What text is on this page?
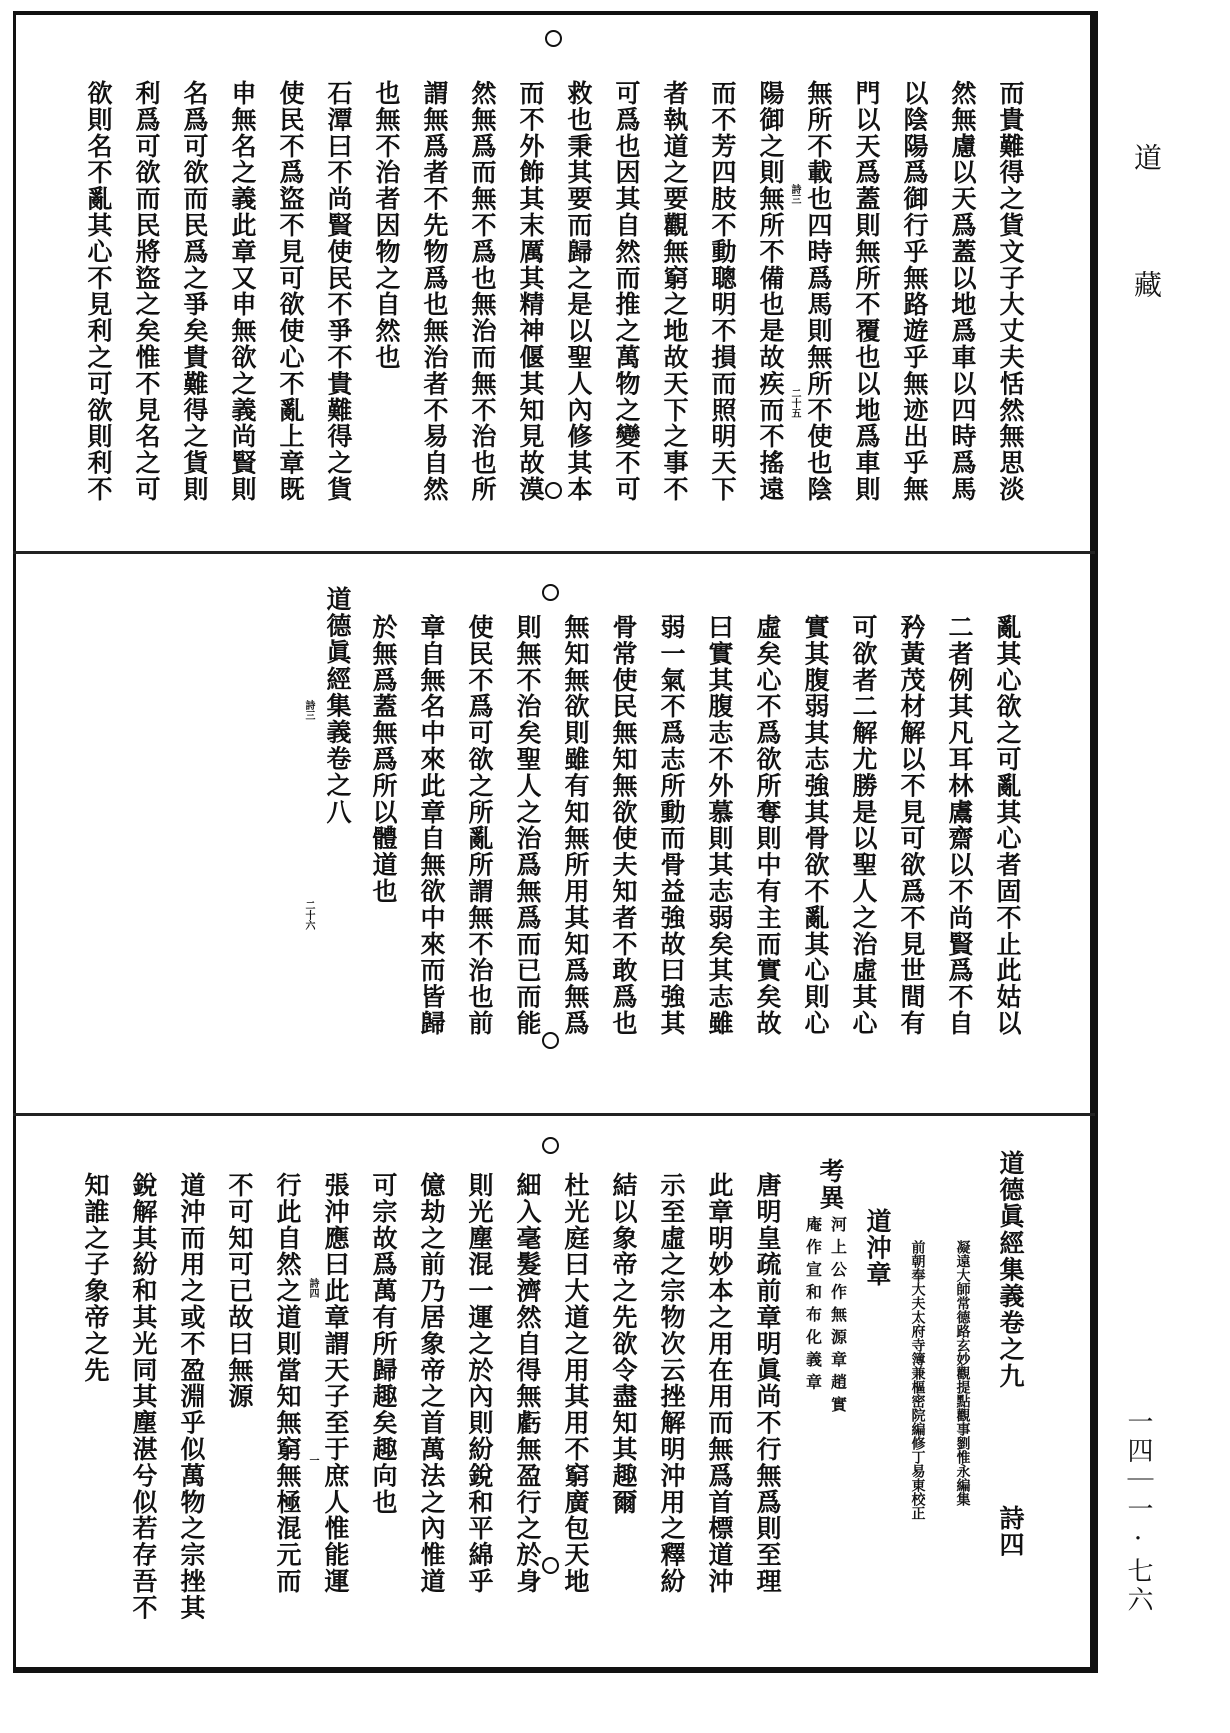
道
藏
一四｜一·七六
而貴難得之貨文子大丈夫恬然無思淡
然無慮以天爲蓋以地爲車以四時爲馬
以陰陽爲御行乎無路遊乎無迹出乎無
門以天爲蓋則無所不覆也以地爲車則
無所不載也四時爲馬則無所不使也陰
陽御之則無所不備也是故疾而不搖遠
而不芳四肢不動聰明不損而照明天下
者執道之要觀無窮之地故天下之事不
可爲也因其自然而推之萬物之變不可
救也秉其要而歸之是以聖人內修其本
而不外飾其末厲其精神偃其知見故漠
然無爲而無不爲也無治而無不治也所
謂無爲者不先物爲也無治者不易自然
也無不治者因物之自然也
石潭曰不尚賢使民不爭不貴難得之貨
使民不爲盜不見可欲使心不亂上章既
申無名之義此章又申無欲之義尚賢則
名爲可欲而民爲之爭矣貴難得之貨則
利爲可欲而民將盜之矣惟不見名之可
欲則名不亂其心不見利之可欲則利不	詩三
二十五
亂其心欲之可亂其心者固不止此姑以
二者例其凡耳林鬳齋以不尚賢爲不自
矜黃茂材解以不見可欲爲不見世間有
可欲者二解尤勝是以聖人之治虛其心
實其腹弱其志強其骨欲不亂其心則心
虛矣心不爲欲所奪則中有主而實矣故
曰實其腹志不外慕則其志弱矣其志雖
弱一氣不爲志所動而骨益強故曰強其
骨常使民無知無欲使夫知者不敢爲也
無知無欲則雖有知無所用其知爲無爲
則無不治矣聖人之治爲無爲而已而能
使民不爲可欲之所亂所謂無不治也前
章自無名中來此章自無欲中來而皆歸
於無爲蓋無爲所以體道也
道德眞經集義卷之八
詩三
二十六
道德眞經集義卷之九
詩四
凝遠大師常德路玄妙觀提點觀事劉惟永編集
前朝奉大夫太府寺簿兼樞密院編修丁易東校正
道沖章
考異
河上公作無源章趙實
庵作宣和布化義章
唐明皇疏前章明眞尚不行無爲則至理
此章明妙本之用在用而無爲首標道沖
示至虛之宗物次云挫解明沖用之釋紛
結以象帝之先欲令盡知其趣爾
杜光庭曰大道之用其用不窮廣包天地
細入毫髮濟然自得無虧無盈行之於身
則光塵混一運之於內則紛銳和平綿乎
億劫之前乃居象帝之首萬法之內惟道
可宗故爲萬有所歸趣矣趣向也
張沖應曰此章謂天子至于庶人惟能運
行此自然之道則當知無窮無極混元而
不可知可已故曰無源
道沖而用之或不盈淵乎似萬物之宗挫其
銳解其紛和其光同其塵湛兮似若存吾不
知誰之子象帝之先	詩四
一
